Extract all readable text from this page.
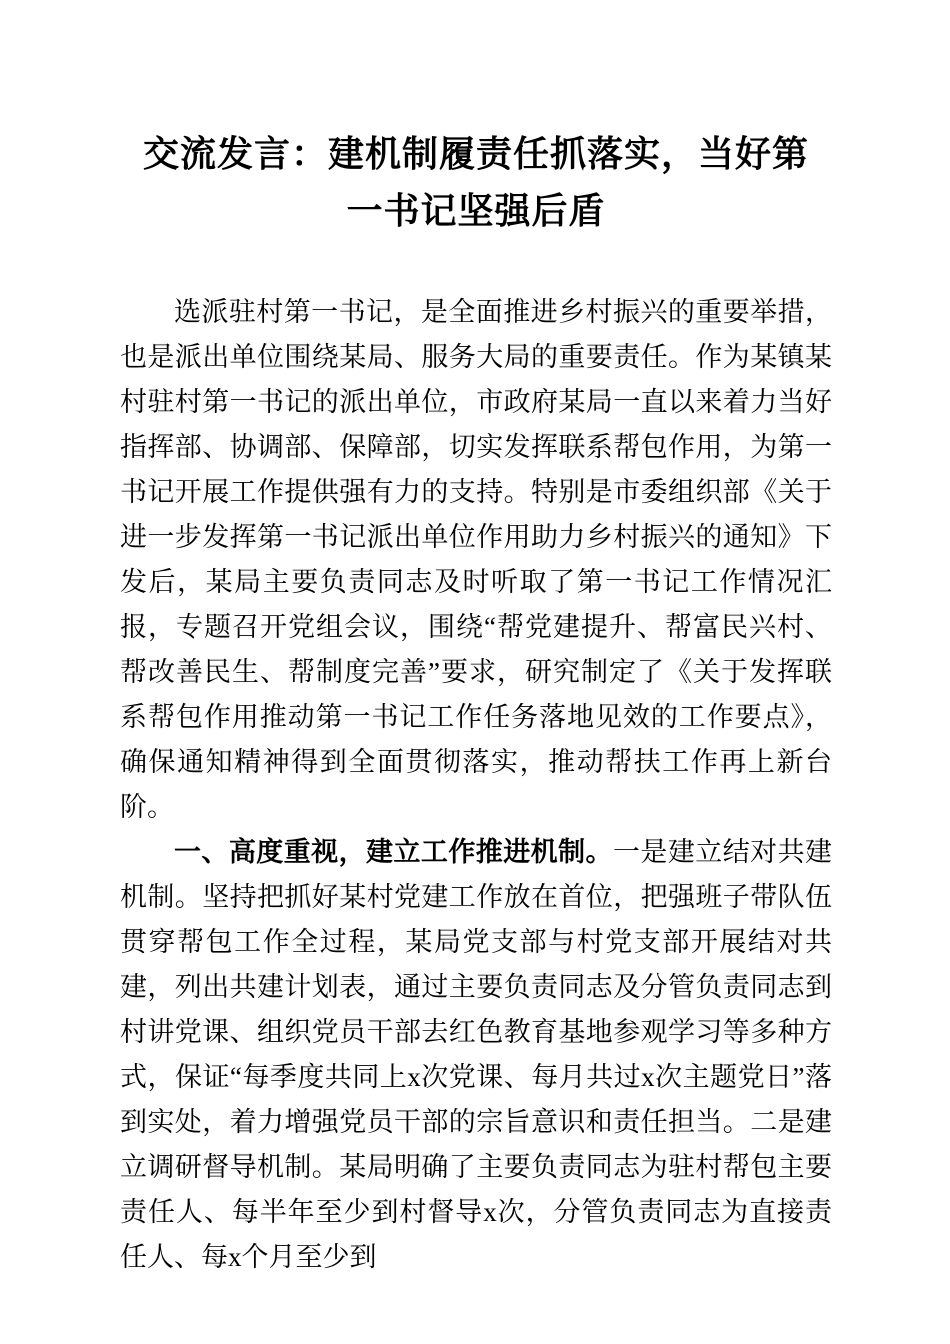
交流发言：建机制履责任抓落实，当好第一书记坚强后盾

选派驻村第一书记，是全面推进乡村振兴的重要举措，也是派出单位围绕某局、服务大局的重要责任。作为某镇某村驻村第一书记的派出单位，市政府某局一直以来着力当好指挥部、协调部、保障部，切实发挥联系帮包作用，为第一书记开展工作提供强有力的支持。特别是市委组织部《关于进一步发挥第一书记派出单位作用助力乡村振兴的通知》下发后，某局主要负责同志及时听取了第一书记工作情况汇报，专题召开党组会议，围绕“帮党建提升、帮富民兴村、帮改善民生、帮制度完善”要求，研究制定了《关于发挥联系帮包作用推动第一书记工作任务落地见效的工作要点》，确保通知精神得到全面贯彻落实，推动帮扶工作再上新台阶。

一、高度重视，建立工作推进机制。一是建立结对共建机制。坚持把抓好某村党建工作放在首位，把强班子带队伍贯穿帮包工作全过程，某局党支部与村党支部开展结对共建，列出共建计划表，通过主要负责同志及分管负责同志到村讲党课、组织党员干部去红色教育基地参观学习等多种方式，保证“每季度共同上x次党课、每月共过x次主题党日”落到实处，着力增强党员干部的宗旨意识和责任担当。二是建立调研督导机制。某局明确了主要负责同志为驻村帮包主要责任人、每半年至少到村督导x次，分管负责同志为直接责任人、每x个月至少到
